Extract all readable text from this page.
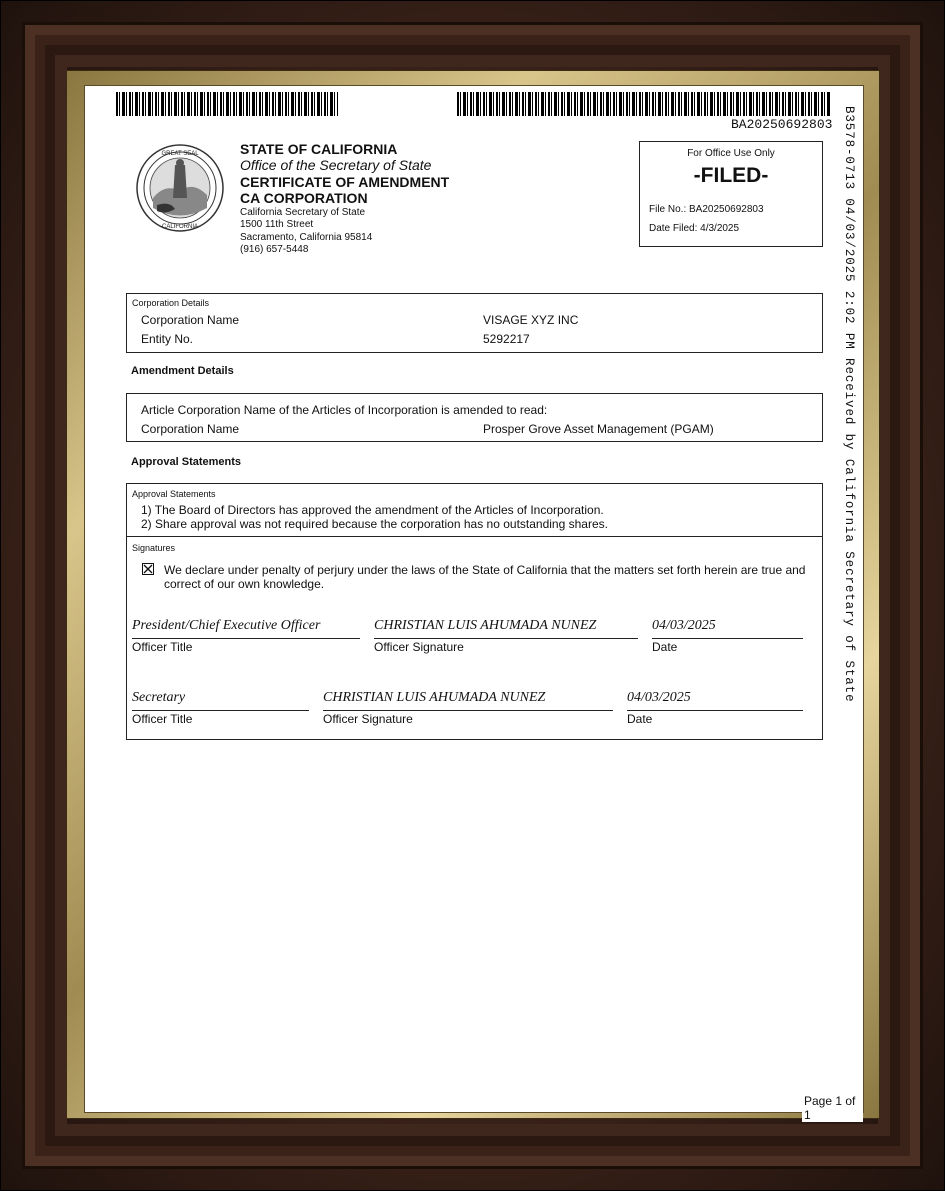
BA20250692803
GREAT SEAL
CALIFORNIA
STATE OF CALIFORNIA
Office of the Secretary of State
CERTIFICATE OF AMENDMENT
CA CORPORATION
California Secretary of State
1500 11th Street
Sacramento, California 95814
(916) 657-5448
For Office Use Only
-FILED-
File No.: BA20250692803
Date Filed: 4/3/2025
Corporation Details
Corporation Name	VISAGE XYZ INC
Entity No.	5292217
Amendment Details
Article Corporation Name of the Articles of Incorporation is amended to read:
Corporation Name	Prosper Grove Asset Management (PGAM)
Approval Statements
Approval Statements
1) The Board of Directors has approved the amendment of the Articles of Incorporation.
2) Share approval was not required because the corporation has no outstanding shares.
Signatures
We declare under penalty of perjury under the laws of the State of California that the matters set forth herein are true and
correct of our own knowledge.
President/Chief Executive Officer
Officer Title
CHRISTIAN LUIS AHUMADA NUNEZ
Officer Signature
04/03/2025
Date
Secretary
Officer Title
CHRISTIAN LUIS AHUMADA NUNEZ
Officer Signature
04/03/2025
Date
Page 1 of 1
